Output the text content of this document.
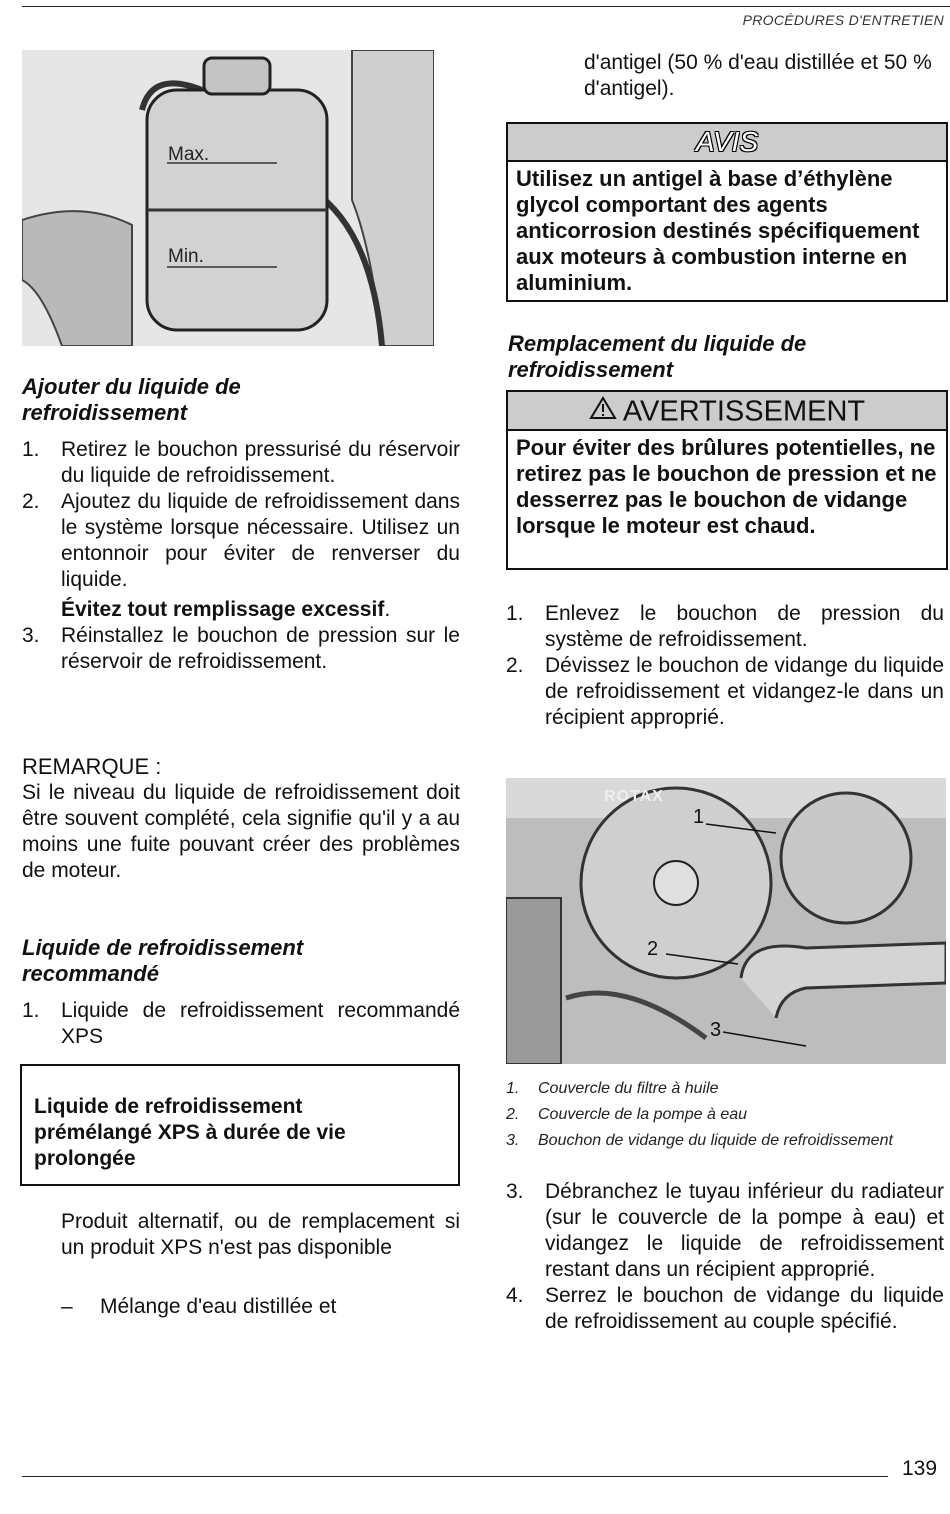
PROCÉDURES D'ENTRETIEN
Max.
Min.
Ajouter du liquide de refroidissement
1. Retirez le bouchon pressurisé du réservoir du liquide de refroidissement.
2. Ajoutez du liquide de refroidissement dans le système lorsque nécessaire. Utilisez un entonnoir pour éviter de renverser du liquide.
Évitez tout remplissage excessif.
3. Réinstallez le bouchon de pression sur le réservoir de refroidissement.
REMARQUE :
Si le niveau du liquide de refroidissement doit être souvent complété, cela signifie qu'il y a au moins une fuite pouvant créer des problèmes de moteur.
Liquide de refroidissement recommandé
1. Liquide de refroidissement recommandé XPS
Liquide de refroidissement prémélangé XPS à durée de vie prolongée
Produit alternatif, ou de remplacement si un produit XPS n'est pas disponible
– Mélange d'eau distillée et
d'antigel (50 % d'eau distillée et 50 % d'antigel).
AVIS
Utilisez un antigel à base d’éthylène glycol comportant des agents anticorrosion destinés spécifiquement aux moteurs à combustion interne en aluminium.
Remplacement du liquide de refroidissement
AVERTISSEMENT
Pour éviter des brûlures potentielles, ne retirez pas le bouchon de pression et ne desserrez pas le bouchon de vidange lorsque le moteur est chaud.
1. Enlevez le bouchon de pression du système de refroidissement.
2. Dévissez le bouchon de vidange du liquide de refroidissement et vidangez-le dans un récipient approprié.
ROTAX
1
2
3
1. Couvercle du filtre à huile
2. Couvercle de la pompe à eau
3. Bouchon de vidange du liquide de refroidissement
3. Débranchez le tuyau inférieur du radiateur (sur le couvercle de la pompe à eau) et vidangez le liquide de refroidissement restant dans un récipient approprié.
4. Serrez le bouchon de vidange du liquide de refroidissement au couple spécifié.
139
